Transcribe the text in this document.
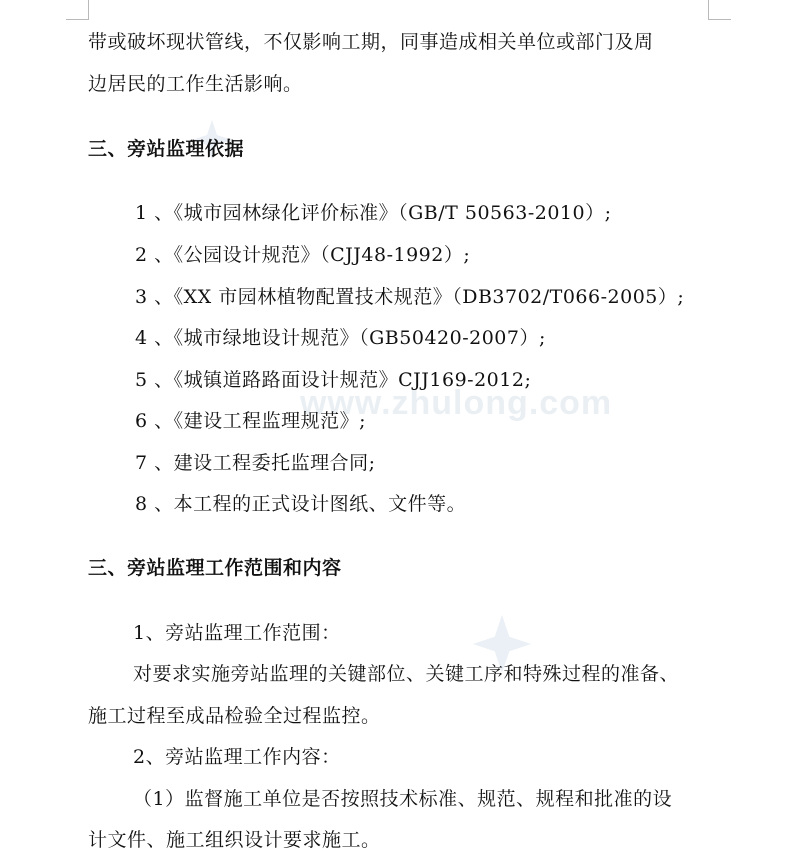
www.zhulong.com
带或破坏现状管线，不仅影响工期，同事造成相关单位或部门及周
边居民的工作生活影响。
三、旁站监理依据
1 、《城市园林绿化评价标准》（GB/T 50563-2010）;
2 、《公园设计规范》（CJJ48-1992）;
3 、《XX 市园林植物配置技术规范》（DB3702/T066-2005）;
4 、《城市绿地设计规范》（GB50420-2007）;
5 、《城镇道路路面设计规范》CJJ169-2012;
6 、《建设工程监理规范》;
7 、建设工程委托监理合同;
8 、本工程的正式设计图纸、文件等。
三、旁站监理工作范围和内容
1、旁站监理工作范围：
对要求实施旁站监理的关键部位、关键工序和特殊过程的准备、
施工过程至成品检验全过程监控。
2、旁站监理工作内容：
（1）监督施工单位是否按照技术标准、规范、规程和批准的设
计文件、施工组织设计要求施工。
